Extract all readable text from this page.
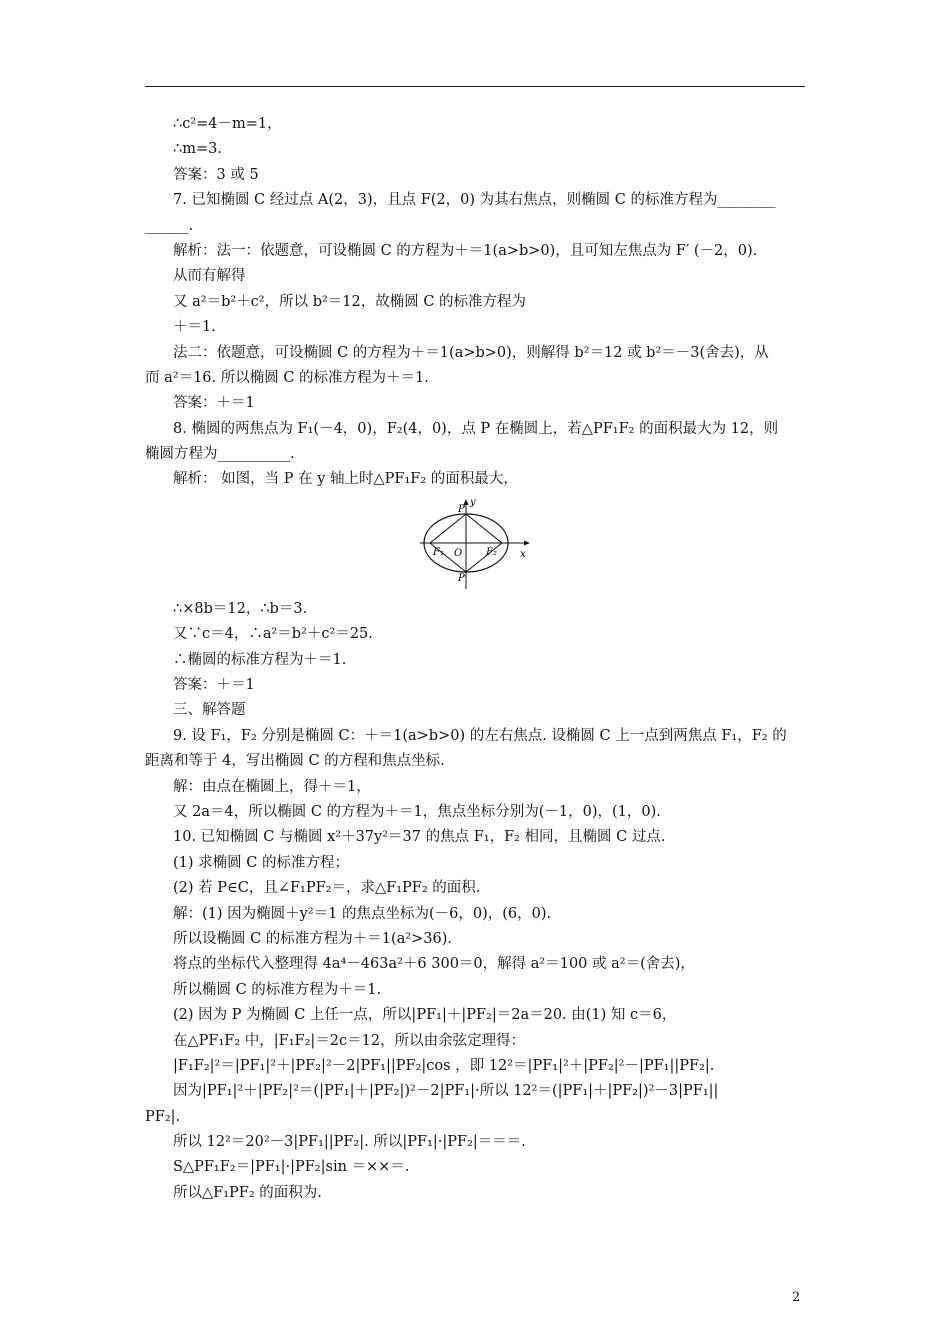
∴c²=4－m=1，
∴m=3.
答案：3 或 5
7. 已知椭圆 C 经过点 A(2，3)，且点 F(2，0) 为其右焦点，则椭圆 C 的标准方程为________
______.
解析：法一：依题意，可设椭圆 C 的方程为＋＝1(a>b>0)，且可知左焦点为 F′ (－2，0).
从而有解得
又 a²＝b²＋c²，所以 b²＝12，故椭圆 C 的标准方程为
＋＝1.
法二：依题意，可设椭圆 C 的方程为＋＝1(a>b>0)，则解得 b²＝12 或 b²＝－3(舍去)，从
而 a²＝16. 所以椭圆 C 的标准方程为＋＝1.
答案：＋＝1
8. 椭圆的两焦点为 F₁(－4，0)，F₂(4，0)，点 P 在椭圆上，若△PF₁F₂ 的面积最大为 12，则
椭圆方程为__________.
解析： 如图，当 P 在 y 轴上时△PF₁F₂ 的面积最大，
P
y
F₁ O F₂ x
P
∴×8b＝12，∴b＝3.
又∵c＝4，∴a²＝b²＋c²＝25.
∴椭圆的标准方程为＋＝1.
答案：＋＝1
三、解答题
9. 设 F₁，F₂ 分别是椭圆 C：＋＝1(a>b>0) 的左右焦点. 设椭圆 C 上一点到两焦点 F₁，F₂ 的
距离和等于 4，写出椭圆 C 的方程和焦点坐标.
解：由点在椭圆上，得＋＝1，
又 2a＝4，所以椭圆 C 的方程为＋＝1，焦点坐标分别为(－1，0)，(1，0).
10. 已知椭圆 C 与椭圆 x²＋37y²＝37 的焦点 F₁，F₂ 相同，且椭圆 C 过点.
(1) 求椭圆 C 的标准方程；
(2) 若 P∈C，且∠F₁PF₂＝，求△F₁PF₂ 的面积.
解：(1) 因为椭圆＋y²＝1 的焦点坐标为(－6，0)，(6，0).
所以设椭圆 C 的标准方程为＋＝1(a²>36).
将点的坐标代入整理得 4a⁴－463a²＋6 300＝0，解得 a²＝100 或 a²＝(舍去)，
所以椭圆 C 的标准方程为＋＝1.
(2) 因为 P 为椭圆 C 上任一点，所以|PF₁|＋|PF₂|＝2a＝20. 由(1) 知 c＝6，
在△PF₁F₂ 中，|F₁F₂|＝2c＝12，所以由余弦定理得：
|F₁F₂|²＝|PF₁|²＋|PF₂|²－2|PF₁||PF₂|cos ，即 12²＝|PF₁|²＋|PF₂|²－|PF₁||PF₂|.
因为|PF₁|²＋|PF₂|²＝(|PF₁|＋|PF₂|)²－2|PF₁|·所以 12²＝(|PF₁|＋|PF₂|)²－3|PF₁||
PF₂|.
所以 12²＝20²－3|PF₁||PF₂|. 所以|PF₁|·|PF₂|＝＝＝.
S△PF₁F₂＝|PF₁|·|PF₂|sin ＝××＝.
所以△F₁PF₂ 的面积为.
2
